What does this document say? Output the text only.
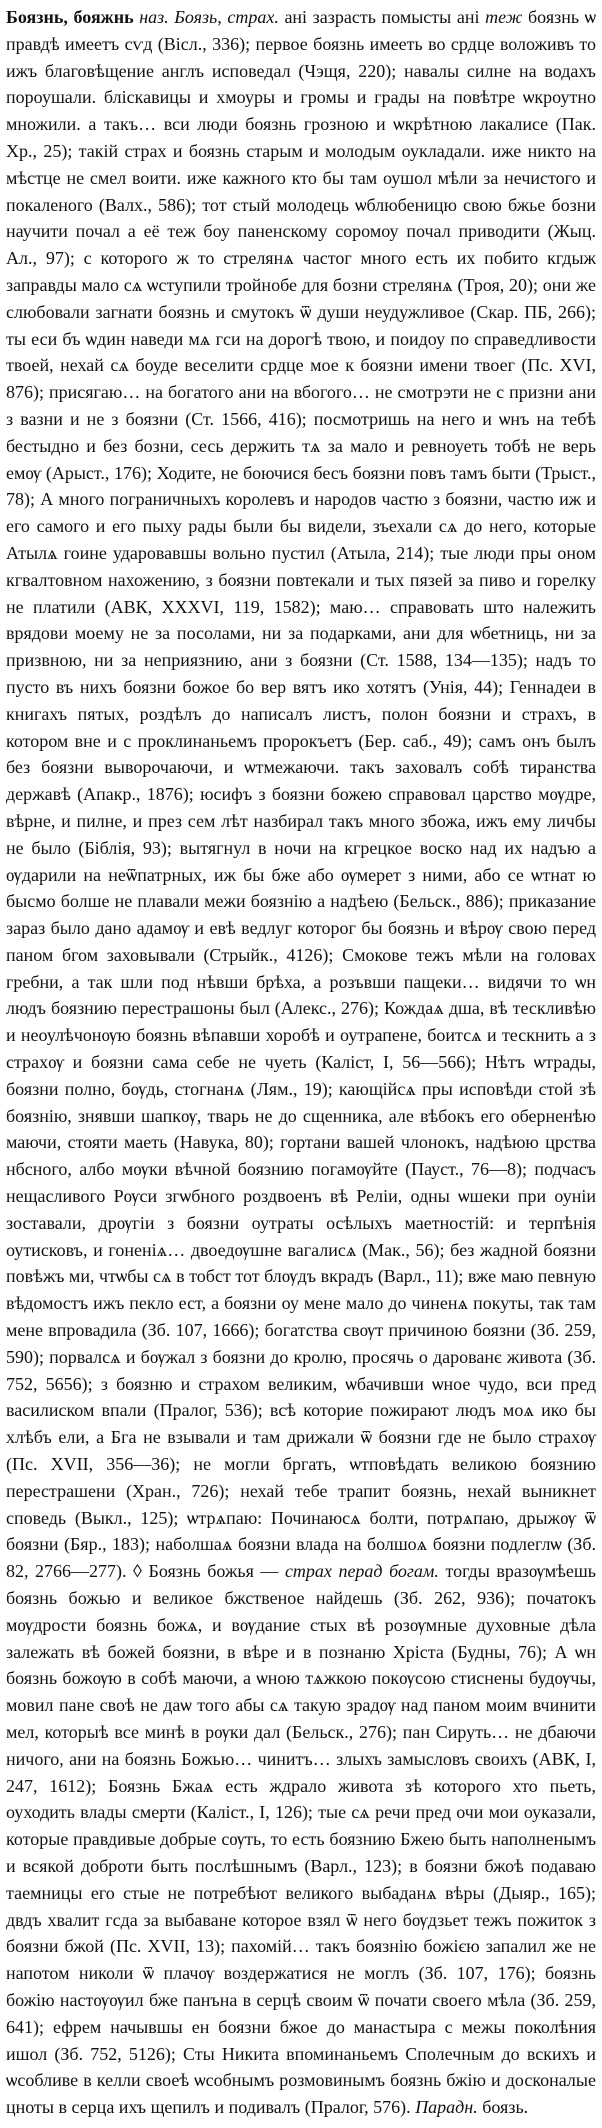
Боязнь, бояжнь наз. Боязь, страх. ані зазрасть помысты ані теж боязнь ѡ правдѣ имеетъ сѵд (Віcл., 336); первое боязнь имееть во срдце воложивъ то ижъ благовѣщение англъ исповедал (Чэщя, 220); навалы силне на водахъ пороушали. бліскавицы и хмоуры и громы и грады на повѣтре ѡкроутно множили. а такъ… вси люди боязнь грозною и ѡкрѣтною лакалисе (Пак. Хр., 25); такій страх и боязнь старым и молодым оукладали. иже никто на мѣстце не смел воити. иже кажного кто бы там оушол мѣли за нечистого и покаленого (Валх., 586); тот стый молодець ѡблюбеницю свою бжье бозни научити почал а её теж боу паненскому соромоу почал приводити (Жыц. Ал., 97); с которого ж то стрелянѧ частог много есть их побито кгдыж заправды мало сѧ ѡступили тройнобе для бозни стрелянѧ (Троя, 20); они же слюбовали загнати боязнь и смутокъ ѿ души неудужливое (Скар. ПБ, 266); ты еси бъ ѡдин наведи мѧ гси на дорогѣ твою, и поидоу по справедливости твоей, нехай сѧ боуде веселити срдце мое к боязни имени твоег (Пс. XVI, 876); присягаю… на богатого ани на вбогого… не смотрэти не с призни ани з вазни и не з боязни (Ст. 1566, 416); посмотришь на него и ѡнъ на тебѣ бестыдно и без бозни, сесь держить тѧ за мало и ревноуеть тобѣ не верь емѹ (Арыст., 176); Ходите, не боючися бесъ боязни повъ тамъ быти (Трыст., 78); А много пограничныхъ королевъ и народов частю з боязни, частю иж и его самого и его пыху рады были бы видели, зъехали сѧ до него, которые Атылѧ гоине ударовавшы вольно пустил (Атыла, 214); тые люди пры оном кгвалтовном нахожению, з боязни повтекали и тых пязей за пиво и горелку не платили (АВК, XXXVI, 119, 1582); маю… справовать што належить врядови моему не за посолами, ни за подарками, ани для ѡбетниць, ни за призвною, ни за неприязнию, ани з боязни (Ст. 1588, 134—135); надъ то пусто въ нихъ боязни божое бо вер вятъ ико хотятъ (Унія, 44); Геннадеи в книгахъ пятых, роздѣлъ до написалъ листъ, полон боязни и страхъ, в котором вне и с проклинаньемъ пророкъетъ (Бер. саб., 49); самъ онъ былъ без боязни выворочаючи, и ѡтмежаючи. такъ заховалъ собѣ тиранства державѣ (Апакр., 1876); юсифъ з боязни божею справовал царство мѹдре, вѣрне, и пилне, и през сем лѣт назбирал такъ много збожа, ижъ ему личбы не было (Біблія, 93); вытягнул в ночи на кгрецкое вoско над их надъю а ѹдарили на неѿпатрных, иж бы бже або ѹмерет з ними, або се ѡтнат ю бысмо болше не плавали межи боязнію а надѣею (Бельск., 886); приказание зараз было дано адамѹ и евѣ ведлуг которог бы боязнь и вѣрѹ свою перед паном бгом заховывали (Стрыйк., 4126); Смокове тежъ мѣли на головах гребни, а так шли под нѣвши брѣха, а розъвши пащеки… видячи то ѡн людъ боязнию перестрашоны был (Алекс., 276); Кождаѧ дша, вѣ тескливѣю и неоулѣчонѹю боязнь вѣпавши хоробѣ и оутрапене, боитсѧ и тескнить а з страхѹ и боязни сама себе не чуеть (Каліст, І, 56—566); Нѣтъ ѡтрады, боязни полно, бѹдь, стогнанѧ (Лям., 19); кающійсѧ пры исповѣди стой зѣ боязнію, знявши шапкѹ, тварь не до сщенника, але вѣбокъ его оберненѣю маючи, стояти маеть (Навука, 80); гортани вашей члонокъ, надѣюю црства нбсного, албо мѹки вѣчной боязнию погамѹйте (Пауст., 76—8); подчасъ нещасливого Рѹси згѡбного роздвоенъ вѣ Реліи, одны ѡшеки при оуніи зоставали, дрѹгіи з боязни оутраты осѣлыхъ маетностій: и терпѣнія оутисковъ, и гоненіѧ… двоедѹшне вагалисѧ (Мак., 56); без жадной боязни повѣжъ ми, чтѡбы сѧ в тобст тот блѹдъ вкрадъ (Варл., 11); вже маю певную вѣдомостъ ижъ пекло ест, а боязни оу мене мало до чиненѧ покуты, так там мене впровадила (Зб. 107, 1666); богатства свѹт причиною боязни (Зб. 259, 590); порвалсѧ и бѹжал з боязни до кролю, просячь о дарованє живота (Зб. 752, 5656); з боязню и страхом великим, ѡбачивши ѡное чудо, вси пред василиском впали (Пралог, 536); всѣ которие пожирают людъ моѧ ико бы хлѣбъ ели, а Бга не взывали и там дрижали ѿ боязни где не было страхѹ (Пс. XVII, 356—36); не могли бргать, ѡтповѣдать великою боязнию перестрашени (Хран., 726); нехай тебе трапит боязнь, нехай выникнет споведь (Выкл., 125); ѡтрѧпаю: Починаюсѧ болти, потрѧпаю, дрыжѹ ѿ боязни (Бяр., 183); наболшаѧ боязни влада на болшоѧ боязни подлеглѡ (Зб. 82, 2766—277). ◊ Боязнь божья — страх перад богам. тогды вразѹмѣешь боязнь божью и великое бжственое найдешь (Зб. 262, 936); початокъ мѹдрости боязнь божѧ, и вѹдание стых вѣ розѹмные духовные дѣла залежать вѣ божей боязни, в вѣре и в познаню Хріста (Будны, 76); А ѡн боязнь божѹю в собѣ маючи, а ѡною тѧжкою покѹсою стиснены будѹчы, мовил пане своѣ не даѡ того абы сѧ такую зрадѹ над паном моим вчинити мел, которыѣ все минѣ в рѹки дал (Бельск., 276); пан Сируть… не дбаючи ничого, ани на боязнь Божью… чинитъ… злыхъ замысловъ своихъ (АВК, І, 247, 1612); Боязнь Бжаѧ есть ждрало живота зѣ которого хто пьеть, оуходить влады смерти (Каліст., І, 126); тые сѧ речи пред очи мои оуказали, которые правдивые добрые сѹть, то есть боязнию Бжею быть наполненымъ и всякой доброти быть послѣшнымъ (Варл., 123); в боязни бжоѣ подаваю таемницы его стые не потребѣют великого выбаданѧ вѣры (Дыяр., 165); двдъ хвалит гсда за выбаване которое взял ѿ него бѹдзьет тежъ пожиток з боязни бжой (Пс. XVII, 13); пахомій… такъ боязнію божією запалил же не напотом николи ѿ плачѹ воздержатися не моглъ (Зб. 107, 176); боязнь божію настѹѹил бже панъна в серцѣ своим ѿ почати своего мѣла (Зб. 259, 641); ефрем начывшы ен боязни бжое до манастыра с межы поколѣния ишол (Зб. 752, 5126); Сты Никита впоминаньемъ Сполечным до вскихъ и ѡсобливе в келли своеѣ ѡсобнымъ розмовинымъ боязнь бжію и досконалые цноты в серца ихъ щепилъ и подивалъ (Пралог, 576). Парадн. боязь.
